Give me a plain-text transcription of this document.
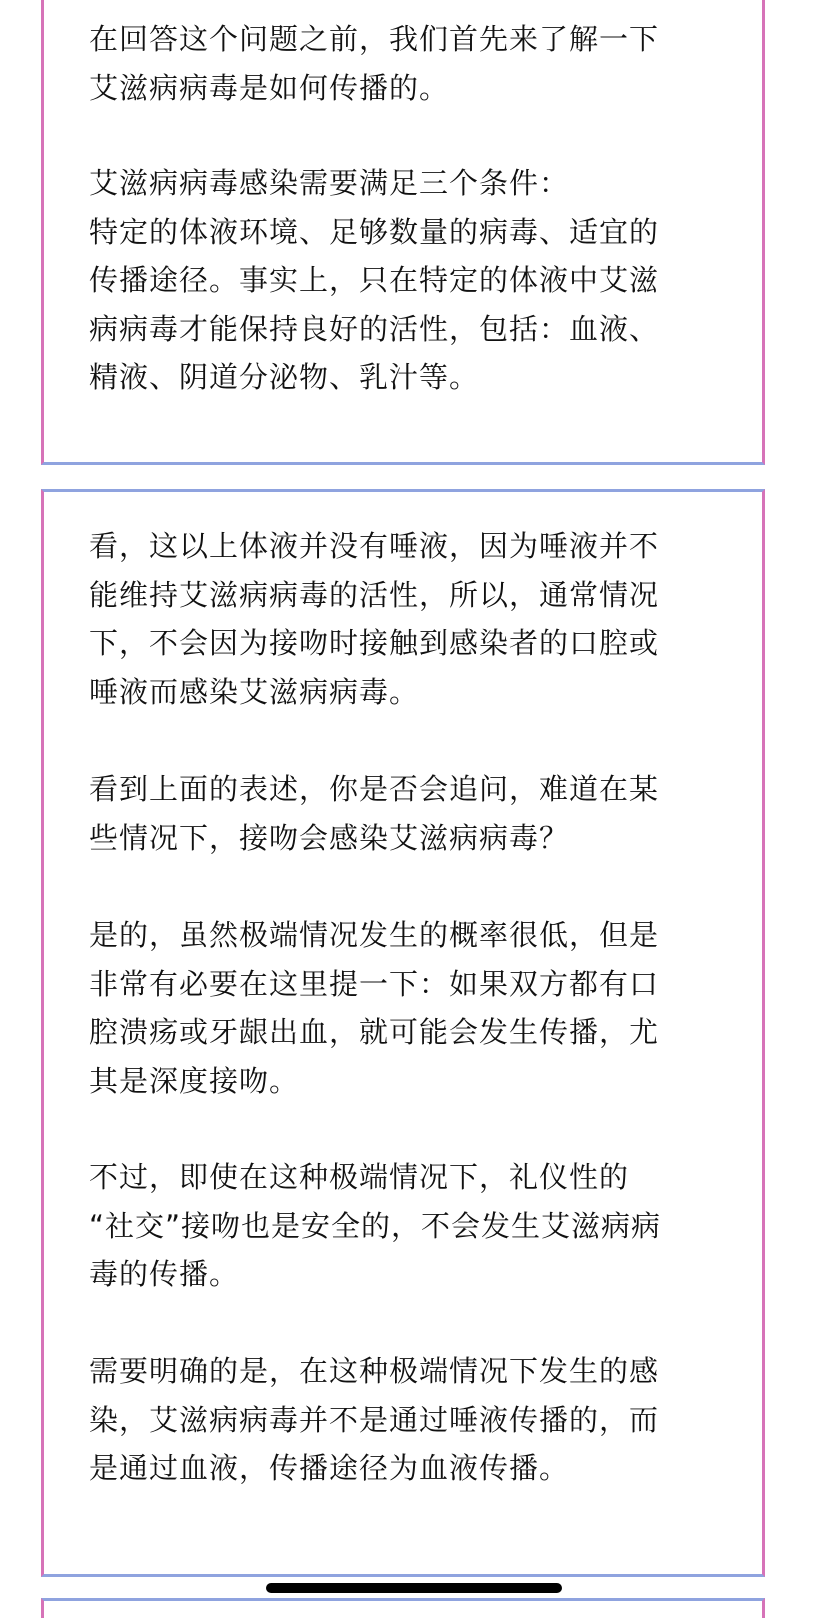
在回答这个问题之前，我们首先来了解一下
艾滋病病毒是如何传播的。

艾滋病病毒感染需要满足三个条件：
特定的体液环境、足够数量的病毒、适宜的
传播途径。事实上，只在特定的体液中艾滋
病病毒才能保持良好的活性，包括：血液、
精液、阴道分泌物、乳汁等。

看，这以上体液并没有唾液，因为唾液并不
能维持艾滋病病毒的活性，所以，通常情况
下，不会因为接吻时接触到感染者的口腔或
唾液而感染艾滋病病毒。

看到上面的表述，你是否会追问，难道在某
些情况下，接吻会感染艾滋病病毒？

是的，虽然极端情况发生的概率很低，但是
非常有必要在这里提一下：如果双方都有口
腔溃疡或牙龈出血，就可能会发生传播，尤
其是深度接吻。

不过，即使在这种极端情况下，礼仪性的
“社交”接吻也是安全的，不会发生艾滋病病
毒的传播。

需要明确的是，在这种极端情况下发生的感
染，艾滋病病毒并不是通过唾液传播的，而
是通过血液，传播途径为血液传播。
